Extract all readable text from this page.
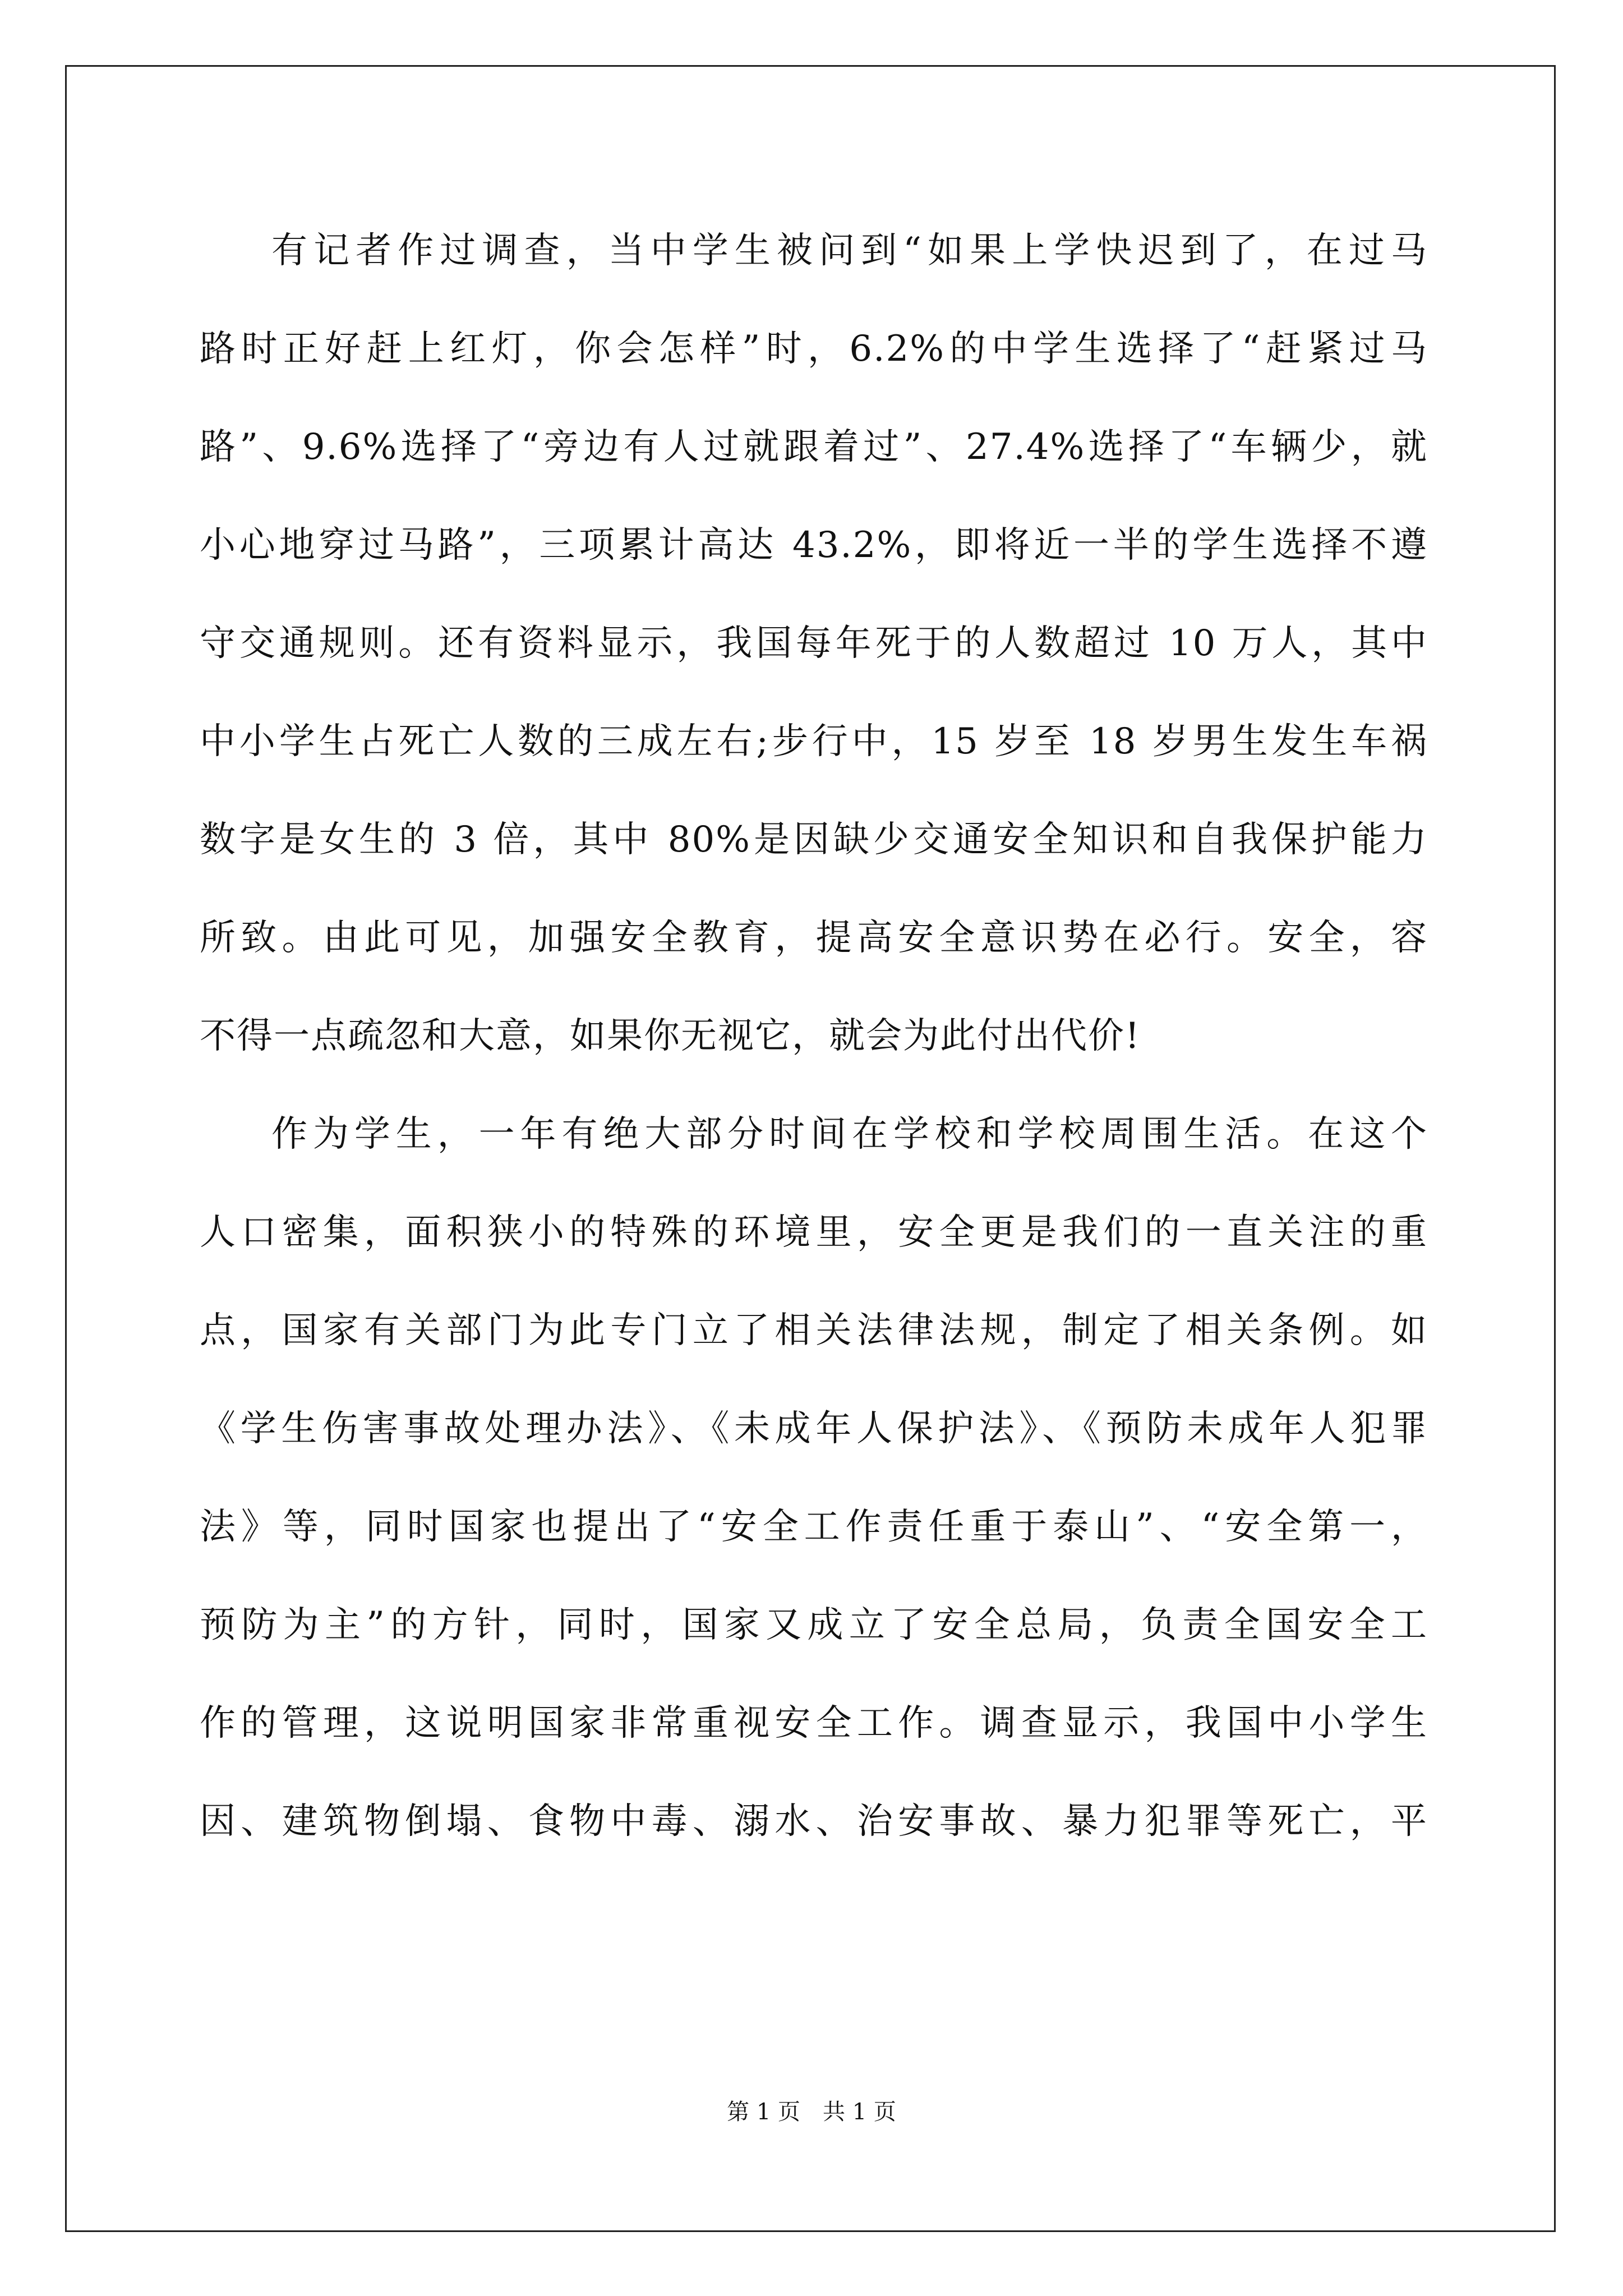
有记者作过调查，当中学生被问到“如果上学快迟到了，在过马
路时正好赶上红灯，你会怎样”时，6.2%的中学生选择了“赶紧过马
路”、9.6%选择了“旁边有人过就跟着过”、27.4%选择了“车辆少，就
小心地穿过马路”，三项累计高达 43.2%，即将近一半的学生选择不遵
守交通规则。还有资料显示，我国每年死于的人数超过 10 万人，其中
中小学生占死亡人数的三成左右;步行中，15 岁至 18 岁男生发生车祸
数字是女生的 3 倍，其中 80%是因缺少交通安全知识和自我保护能力
所致。由此可见，加强安全教育，提高安全意识势在必行。安全，容
不得一点疏忽和大意，如果你无视它，就会为此付出代价!
作为学生，一年有绝大部分时间在学校和学校周围生活。在这个
人口密集，面积狭小的特殊的环境里，安全更是我们的一直关注的重
点，国家有关部门为此专门立了相关法律法规，制定了相关条例。如
《学生伤害事故处理办法》、《未成年人保护法》、《预防未成年人犯罪
法》等，同时国家也提出了“安全工作责任重于泰山”、“安全第一，
预防为主”的方针，同时，国家又成立了安全总局，负责全国安全工
作的管理，这说明国家非常重视安全工作。调查显示，我国中小学生
因、建筑物倒塌、食物中毒、溺水、治安事故、暴力犯罪等死亡，平
第 1 页　共 1 页
